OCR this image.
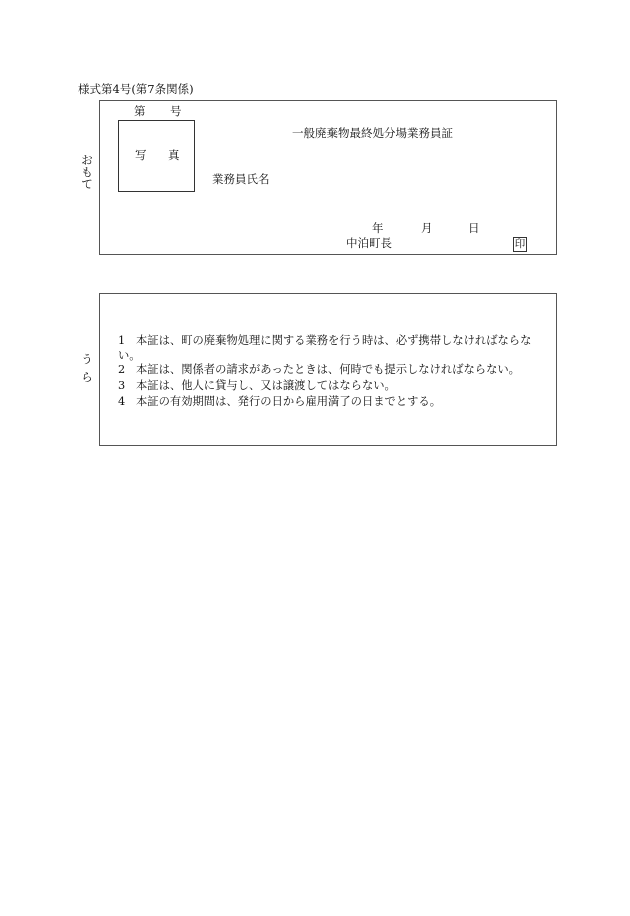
様式第4号(第7条関係)
お
も
て
第 号
写 真
一般廃棄物最終処分場業務員証
業務員氏名
年	月	日
中泊町長	印
う
ら
1 本証は、町の廃棄物処理に関する業務を行う時は、必ず携帯しなければならない。
2 本証は、関係者の請求があったときは、何時でも提示しなければならない。
3 本証は、他人に貸与し、又は譲渡してはならない。
4 本証の有効期間は、発行の日から雇用満了の日までとする。
